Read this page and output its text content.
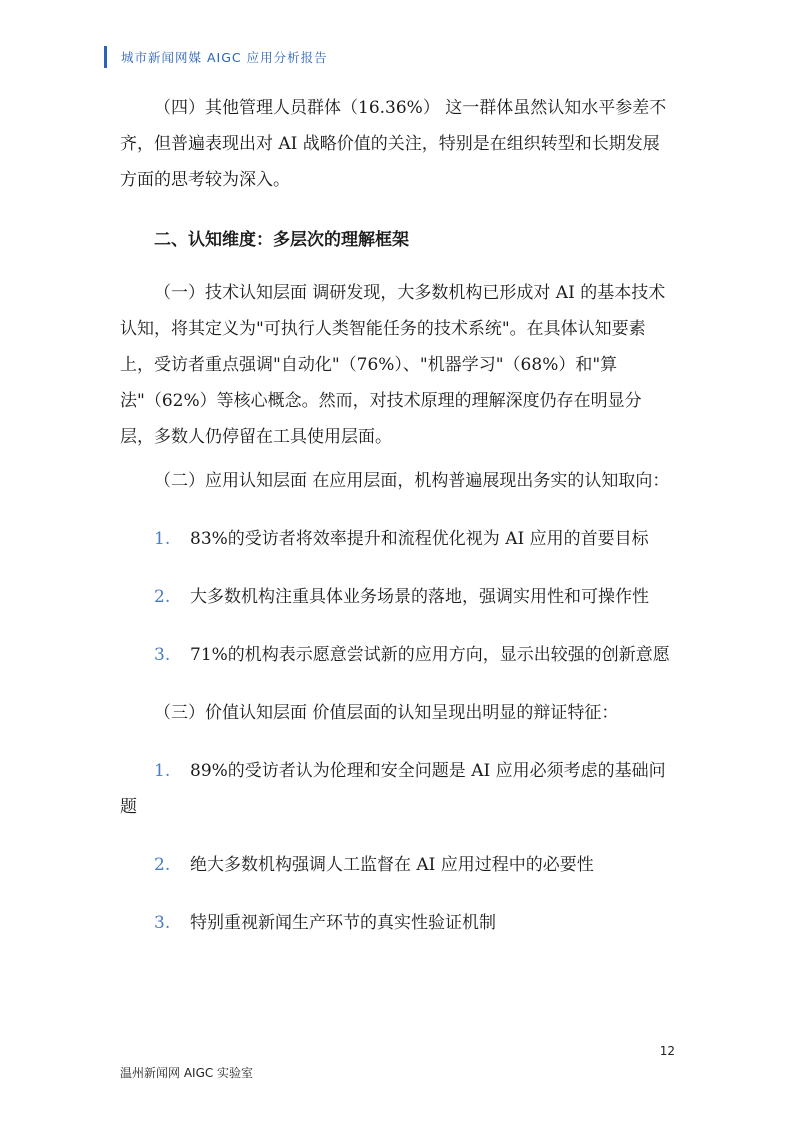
城市新闻网媒 AIGC 应用分析报告

（四）其他管理人员群体（16.36%） 这一群体虽然认知水平参差不齐，但普遍表现出对 AI 战略价值的关注，特别是在组织转型和长期发展方面的思考较为深入。

二、认知维度：多层次的理解框架

（一）技术认知层面 调研发现，大多数机构已形成对 AI 的基本技术认知，将其定义为"可执行人类智能任务的技术系统"。在具体认知要素上，受访者重点强调"自动化"（76%）、"机器学习"（68%）和"算法"（62%）等核心概念。然而，对技术原理的理解深度仍存在明显分层，多数人仍停留在工具使用层面。

（二）应用认知层面 在应用层面，机构普遍展现出务实的认知取向：

1. 83%的受访者将效率提升和流程优化视为 AI 应用的首要目标

2. 大多数机构注重具体业务场景的落地，强调实用性和可操作性

3. 71%的机构表示愿意尝试新的应用方向，显示出较强的创新意愿

（三）价值认知层面 价值层面的认知呈现出明显的辩证特征：

1. 89%的受访者认为伦理和安全问题是 AI 应用必须考虑的基础问题

2. 绝大多数机构强调人工监督在 AI 应用过程中的必要性

3. 特别重视新闻生产环节的真实性验证机制

12
温州新闻网 AIGC 实验室
